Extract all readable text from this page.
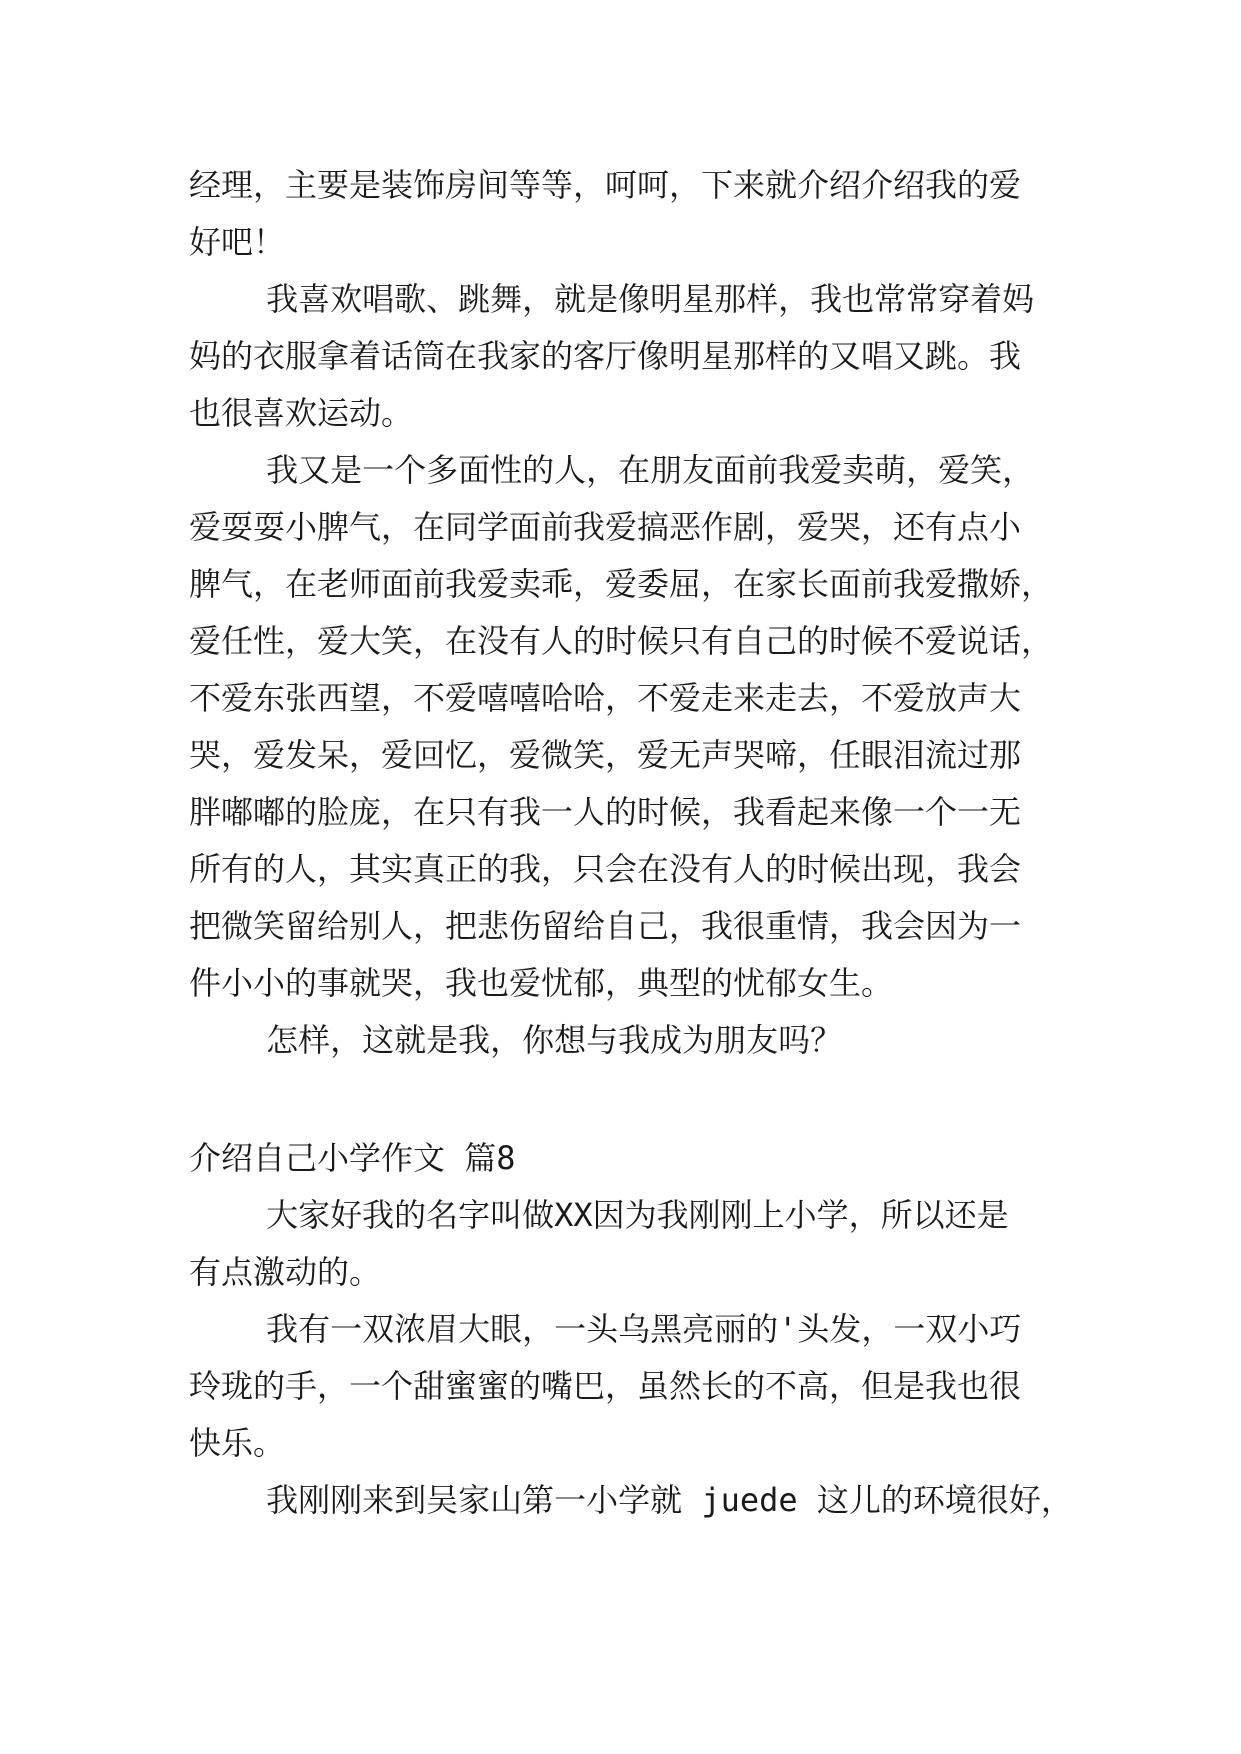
经理，主要是装饰房间等等，呵呵，下来就介绍介绍我的爱

好吧！

我喜欢唱歌、跳舞，就是像明星那样，我也常常穿着妈

妈的衣服拿着话筒在我家的客厅像明星那样的又唱又跳。我

也很喜欢运动。

我又是一个多面性的人，在朋友面前我爱卖萌，爱笑，

爱耍耍小脾气，在同学面前我爱搞恶作剧，爱哭，还有点小

脾气，在老师面前我爱卖乖，爱委屈，在家长面前我爱撒娇，

爱任性，爱大笑，在没有人的时候只有自己的时候不爱说话，

不爱东张西望，不爱嘻嘻哈哈，不爱走来走去，不爱放声大

哭，爱发呆，爱回忆，爱微笑，爱无声哭啼，任眼泪流过那

胖嘟嘟的脸庞，在只有我一人的时候，我看起来像一个一无

所有的人，其实真正的我，只会在没有人的时候出现，我会

把微笑留给别人，把悲伤留给自己，我很重情，我会因为一

件小小的事就哭，我也爱忧郁，典型的忧郁女生。

怎样，这就是我，你想与我成为朋友吗？

介绍自己小学作文 篇8

大家好我的名字叫做XX因为我刚刚上小学，所以还是

有点激动的。

我有一双浓眉大眼，一头乌黑亮丽的'头发，一双小巧

玲珑的手，一个甜蜜蜜的嘴巴，虽然长的不高，但是我也很

快乐。

我刚刚来到吴家山第一小学就 juede 这儿的环境很好，
